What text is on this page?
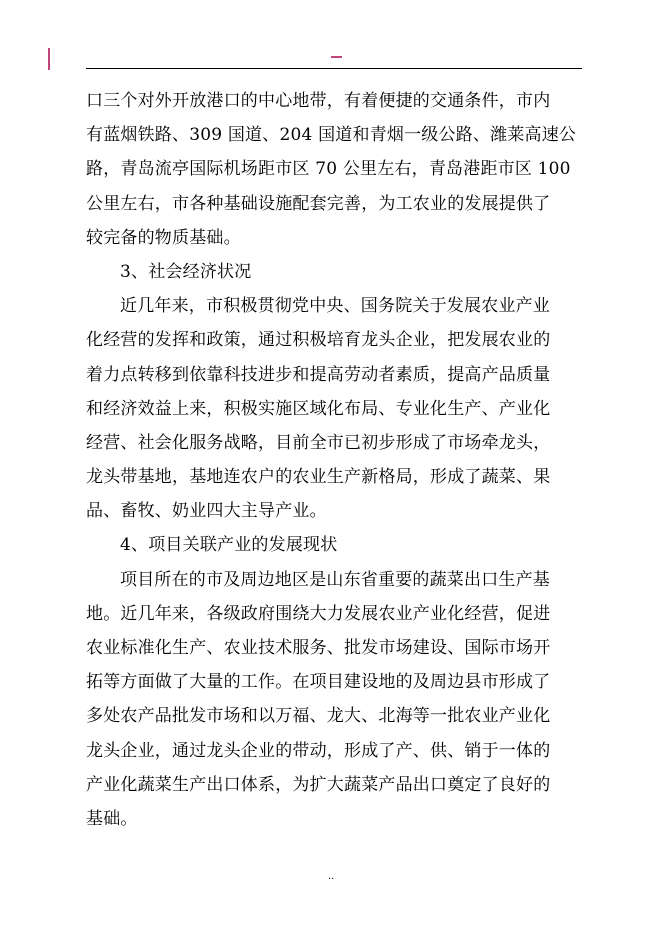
口三个对外开放港口的中心地带，有着便捷的交通条件，市内
有蓝烟铁路、309 国道、204 国道和青烟一级公路、潍莱高速公
路，青岛流亭国际机场距市区 70 公里左右，青岛港距市区 100
公里左右，市各种基础设施配套完善，为工农业的发展提供了
较完备的物质基础。
3、社会经济状况
近几年来，市积极贯彻党中央、国务院关于发展农业产业
化经营的发挥和政策，通过积极培育龙头企业，把发展农业的
着力点转移到依靠科技进步和提高劳动者素质，提高产品质量
和经济效益上来，积极实施区域化布局、专业化生产、产业化
经营、社会化服务战略，目前全市已初步形成了市场牵龙头，
龙头带基地，基地连农户的农业生产新格局，形成了蔬菜、果
品、畜牧、奶业四大主导产业。
4、项目关联产业的发展现状
项目所在的市及周边地区是山东省重要的蔬菜出口生产基
地。近几年来，各级政府围绕大力发展农业产业化经营，促进
农业标准化生产、农业技术服务、批发市场建设、国际市场开
拓等方面做了大量的工作。在项目建设地的及周边县市形成了
多处农产品批发市场和以万福、龙大、北海等一批农业产业化
龙头企业，通过龙头企业的带动，形成了产、供、销于一体的
产业化蔬菜生产出口体系，为扩大蔬菜产品出口奠定了良好的
基础。
..
